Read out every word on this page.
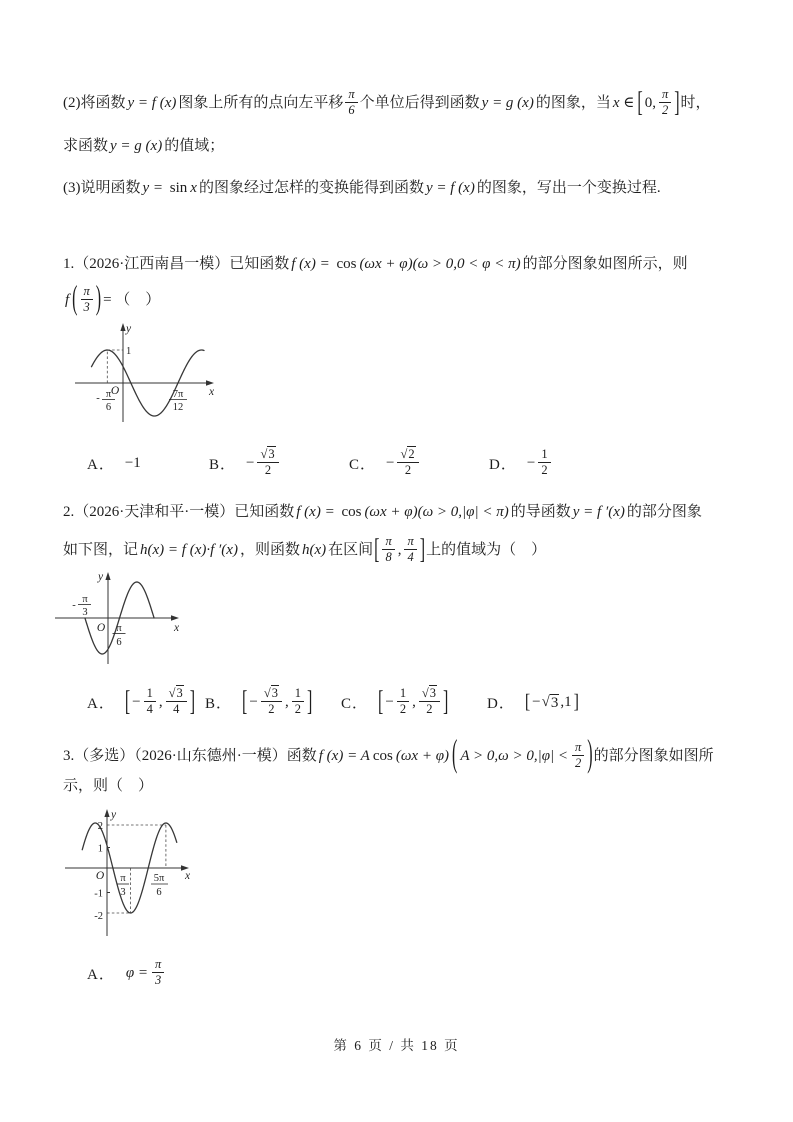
(2)将函数 y = f (x) 图象上所有的点向左平移 $\frac{\pi}{6}$ 个单位后得到函数 y = g (x) 的图象，当 x ∈ [ 0, $\frac{\pi}{2}$ ]时，

求函数 y = g (x) 的值域；

(3)说明函数 y = sin x 的图象经过怎样的变换能得到函数 y = f (x) 的图象，写出一个变换过程.

1.（2026·江西南昌一模）已知函数 f (x) = cos (ωx + φ)(ω > 0,0 < φ < π) 的部分图象如图所示，则

f ( $\frac{\pi}{3}$ ) = （　）

y
x
O
1
- π
6
7π
12
A． −1	B． − $\frac{√3}{2}$	C． − $\frac{√2}{2}$	D． − $\frac{1}{2}$

2.（2026·天津和平·一模）已知函数 f (x) = cos (ωx + φ)(ω > 0,|φ| < π) 的导函数 y = f ′(x) 的部分图象

如下图，记 h(x) = f (x)·f ′(x) ，则函数 h(x) 在区间[ $\frac{\pi}{8}$ , $\frac{\pi}{4}$ ]上的值域为（　）

y
x
O
-
π
3
π
6
A． [ − $\frac{1}{4}$ , $\frac{√3}{4}$ ] B． [ − $\frac{√3}{2}$ , $\frac{1}{2}$ ] C． [ − $\frac{1}{2}$ , $\frac{√3}{2}$ ]	D． [ − √ 3 ,1 ]

3.（多选）（2026·山东德州·一模）函数 f (x) = A cos (ωx + φ) ( $A > 0,\omega > 0,|\varphi| < \frac{\pi}{2}$ )的部分图象如图所

示，则（　）

y
x
O
2
1
-1
-2
π
3
5π
6
A． $\varphi = \frac{\pi}{3}$
第 6 页 / 共 18 页
